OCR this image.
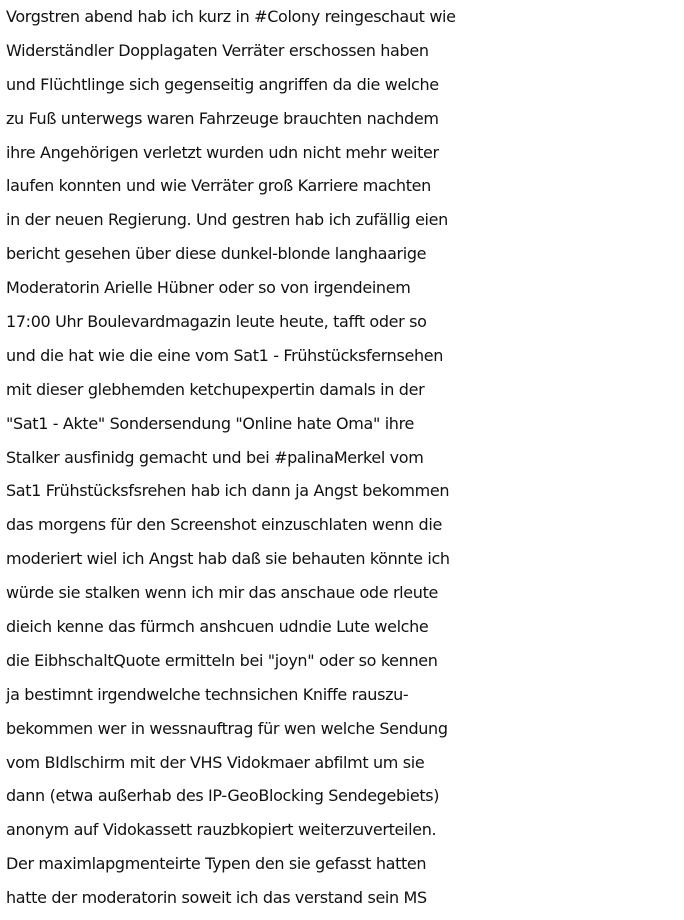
Vorgstren abend hab ich kurz in #Colony reingeschaut wie
Widerständler Dopplagaten Verräter erschossen haben
und Flüchtlinge sich gegenseitig angriffen da die welche
zu Fuß unterwegs waren Fahrzeuge brauchten nachdem
ihre Angehörigen verletzt wurden udn nicht mehr weiter
laufen konnten und wie Verräter groß Karriere machten
in der neuen Regierung. Und gestren hab ich zufällig eien
bericht gesehen über diese dunkel-blonde langhaarige
Moderatorin Arielle Hübner oder so von irgendeinem
17:00 Uhr Boulevardmagazin leute heute, tafft oder so
und die hat wie die eine vom Sat1 - Frühstücksfernsehen
mit dieser glebhemden ketchupexpertin damals in der
"Sat1 - Akte" Sondersendung "Online hate Oma" ihre
Stalker ausfinidg gemacht und bei #palinaMerkel vom
Sat1 Frühstücksfsrehen hab ich dann ja Angst bekommen
das morgens für den Screenshot einzuschlaten wenn die
moderiert wiel ich Angst hab daß sie behauten könnte ich
würde sie stalken wenn ich mir das anschaue ode rleute
dieich kenne das fürmch anshcuen udndie Lute welche
die EibhschaltQuote ermitteln bei "joyn" oder so kennen
ja bestimnt irgendwelche technsichen Kniffe rauszu-
bekommen wer in wessnauftrag für wen welche Sendung
vom BIdlschirm mit der VHS Vidokmaer abfilmt um sie
dann (etwa außerhab des IP-GeoBlocking Sendegebiets)
anonym auf Vidokassett rauzbkopiert weiterzuverteilen.
Der maximlapgmenteirte Typen den sie gefasst hatten
hatte der moderatorin soweit ich das verstand sein MS
